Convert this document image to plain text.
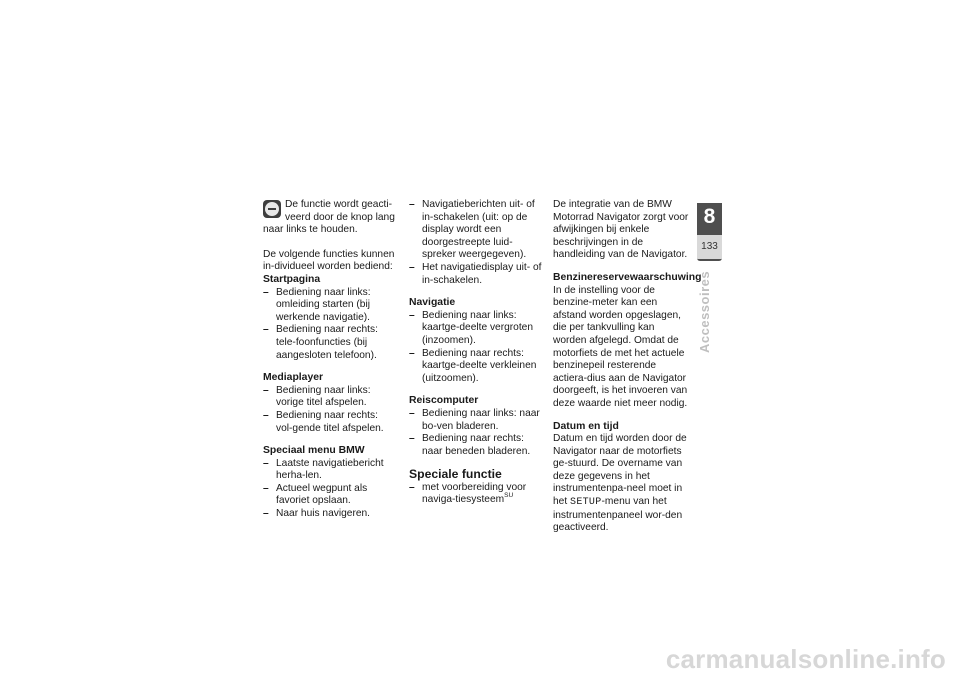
De functie wordt geacti- veerd door de knop lang naar links te houden.

De volgende functies kunnen in-dividueel worden bediend:

Startpagina
– Bediening naar links: omleiding starten (bij werkende navigatie).
– Bediening naar rechts: tele-foonfuncties (bij aangesloten telefoon).
Mediaplayer
– Bediening naar links: vorige titel afspelen.
– Bediening naar rechts: vol-gende titel afspelen.
Speciaal menu BMW
– Laatste navigatiebericht herha-len.
– Actueel wegpunt als favoriet opslaan.
– Naar huis navigeren.
– Navigatieberichten uit- of in-schakelen (uit: op de display wordt een doorgestreepte luid-spreker weergegeven).
– Het navigatiedisplay uit- of in-schakelen.
Navigatie
– Bediening naar links: kaartge-deelte vergroten (inzoomen).
– Bediening naar rechts: kaartge-deelte verkleinen (uitzoomen).
Reiscomputer
– Bediening naar links: naar bo-ven bladeren.
– Bediening naar rechts: naar beneden bladeren.
Speciale functie
– met voorbereiding voor naviga-tiesysteem$^{SU}$

De integratie van de BMW Motorrad Navigator zorgt voor afwijkingen bij enkele beschrijvingen in de handleiding van de Navigator.

Benzinereservewaarschuwing

In de instelling voor de benzine-meter kan een afstand worden opgeslagen, die per tankvulling kan worden afgelegd. Omdat de motorfiets de met het actuele benzinepeil resterende actiera-dius aan de Navigator doorgeeft, is het invoeren van deze waarde niet meer nodig.

Datum en tijd

Datum en tijd worden door de Navigator naar de motorfiets ge-stuurd. De overname van deze gegevens in het instrumentenpa-neel moet in het SETUP-menu van het instrumentenpaneel wor-den geactiveerd.

8
133
Accessoires
carmanualsonline.info
